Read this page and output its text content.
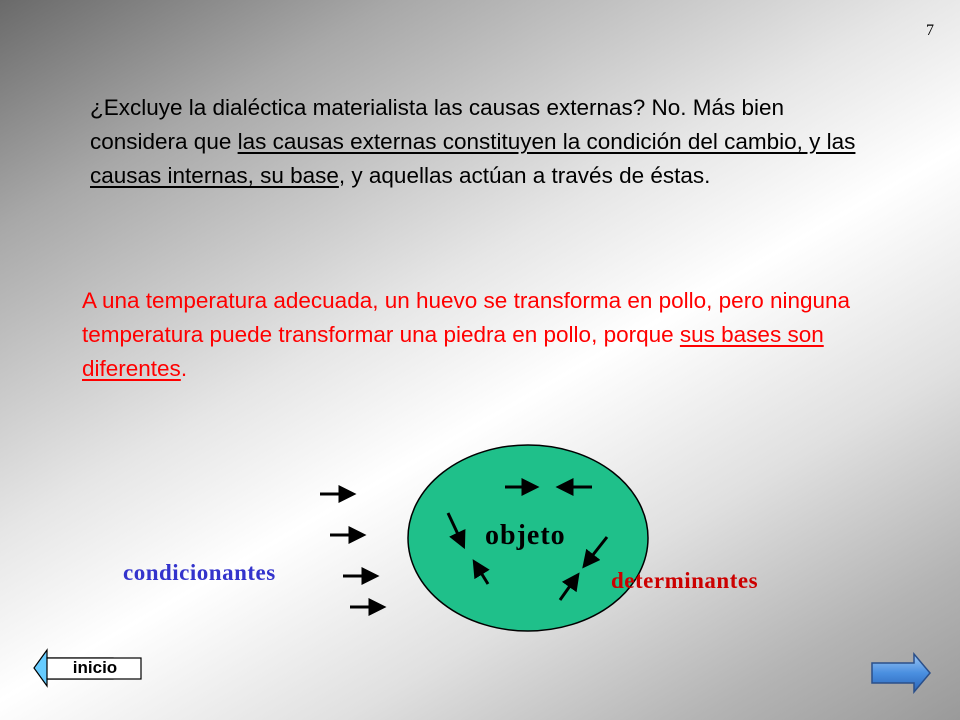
7

¿Excluye la dialéctica materialista las causas externas? No. Más bien considera que las causas externas constituyen la condición del cambio, y las causas internas, su base, y aquellas actúan a través de éstas.

A una temperatura adecuada, un huevo se transforma en pollo, pero ninguna temperatura puede transformar una piedra en pollo, porque sus bases son diferentes.

objeto
condicionantes	determinantes
inicio
